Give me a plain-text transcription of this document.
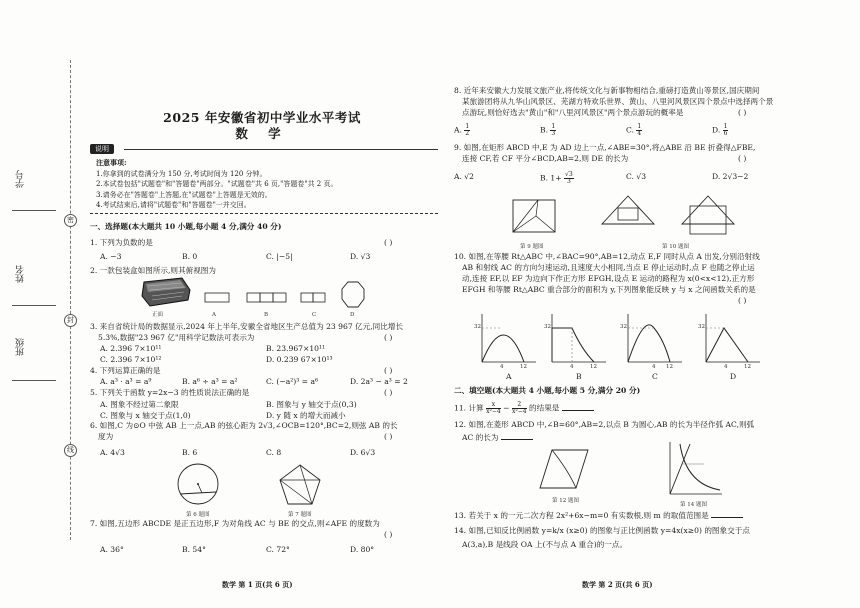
密
封
线
学号
姓名
班级
2025 年安徽省初中学业水平考试
数 学
说明
注意事项:
1.你拿到的试卷满分为 150 分,考试时间为 120 分钟。
2.本试卷包括"试题卷"和"答题卷"两部分。"试题卷"共 6 页,"答题卷"共 2 页。
3.请务必在"答题卷"上答题,在"试题卷"上答题是无效的。
4.考试结束后,请将"试题卷"和"答题卷"一并交回。
一、选择题(本大题共 10 小题,每小题 4 分,满分 40 分)
1. 下列为负数的是	( )
A. −3	B. 0	C. |−5|	D. √3
2. 一款包装盒如图所示,则其俯视图为
正面	A	B	C	D
3. 来自省统计局的数据显示,2024 年上半年,安徽全省地区生产总值为 23 967 亿元,同比增长
5.3%,数据"23 967 亿"用科学记数法可表示为	( )
A. 2.396 7×10¹¹	B. 23.967×10¹¹
C. 2.396 7×10¹²	D. 0.239 67×10¹³
4. 下列运算正确的是	( )
A. a³ · a³ = a⁹	B. a⁶ ÷ a³ = a²	C. (−a²)³ = a⁶	D. 2a³ − a³ = 2
5. 下列关于函数 y=2x−3 的性质说法正确的是	( )
A. 图象不经过第二象限	B. 图象与 y 轴交于点(0,3)
C. 图象与 x 轴交于点(1,0)	D. y 随 x 的增大而减小
6. 如图,C 为⊙O 中弦 AB 上一点,AB 的弦心距为 2√3,∠OCB=120°,BC=2,则弦 AB 的长
度为	( )
A. 4√3	B. 6	C. 8	D. 6√3
第 6 题图	第 7 题图
7. 如图,五边形 ABCDE 是正五边形,F 为对角线 AC 与 BE 的交点,则∠AFE 的度数为
( )
A. 36°	B. 54°	C. 72°	D. 80°
数学 第 1 页(共 6 页)
8. 近年来安徽大力发展文旅产业,将传统文化与新事物相结合,重磅打造黄山等景区,国庆期间
某旅游团将从九华山风景区、芜湖方特欢乐世界、黄山、八里河风景区四个景点中选择两个景
点游玩,则恰好选去"黄山"和"八里河风景区"两个景点游玩的概率是	( )
A. $\frac{1}{2}$	B. $\frac{1}{3}$	C. $\frac{1}{4}$	D. $\frac{1}{6}$
9. 如图,在矩形 ABCD 中,E 为 AD 边上一点,∠ABE=30°,将△ABE 沿 BE 折叠得△FBE,
连接 CF,若 CF 平分∠BCD,AB=2,则 DE 的长为	( )
A. √2	B. $1+ \frac{√3}{3}$	C. √3	D. 2√3−2
第 9 题图	第 10 题图
10. 如图,在等腰 Rt△ABC 中,∠BAC=90°,AB=12,动点 E,F 同时从点 A 出发,分别沿射线
AB 和射线 AC 的方向匀速运动,且速度大小相同,当点 E 停止运动时,点 F 也随之停止运
动,连接 EF,以 EF 为边向下作正方形 EFGH,设点 E 运动的路程为 x(0<x<12),正方形
EFGH 和等腰 Rt△ABC 重合部分的面积为 y,下列图象能反映 y 与 x 之间函数关系的是
( )
32	32	32	32
4	12	4	12	4 12	4	12
A	B	C	D
二、填空题(本大题共 4 小题,每小题 5 分,满分 20 分)
11. 计算 $\frac{x}{\text{x²−4}} - \frac{2}{\text{x²−4}}$ 的结果是
12. 如图,在菱形 ABCD 中,∠B=60°,AB=2,以点 B 为圆心,AB 的长为半径作弧 AC,则弧
AC 的长为
第 12 题图
第 14 题图
13. 若关于 x 的一元二次方程 2x²+6x−m=0 有实数根,则 m 的取值范围是
14. 如图,已知反比例函数 y=k/x (x≥0) 的图象与正比例函数 y=4x(x≥0) 的图象交于点
A(3,a),B 是线段 OA 上(不与点 A 重合)的一点。
数学 第 2 页(共 6 页)
